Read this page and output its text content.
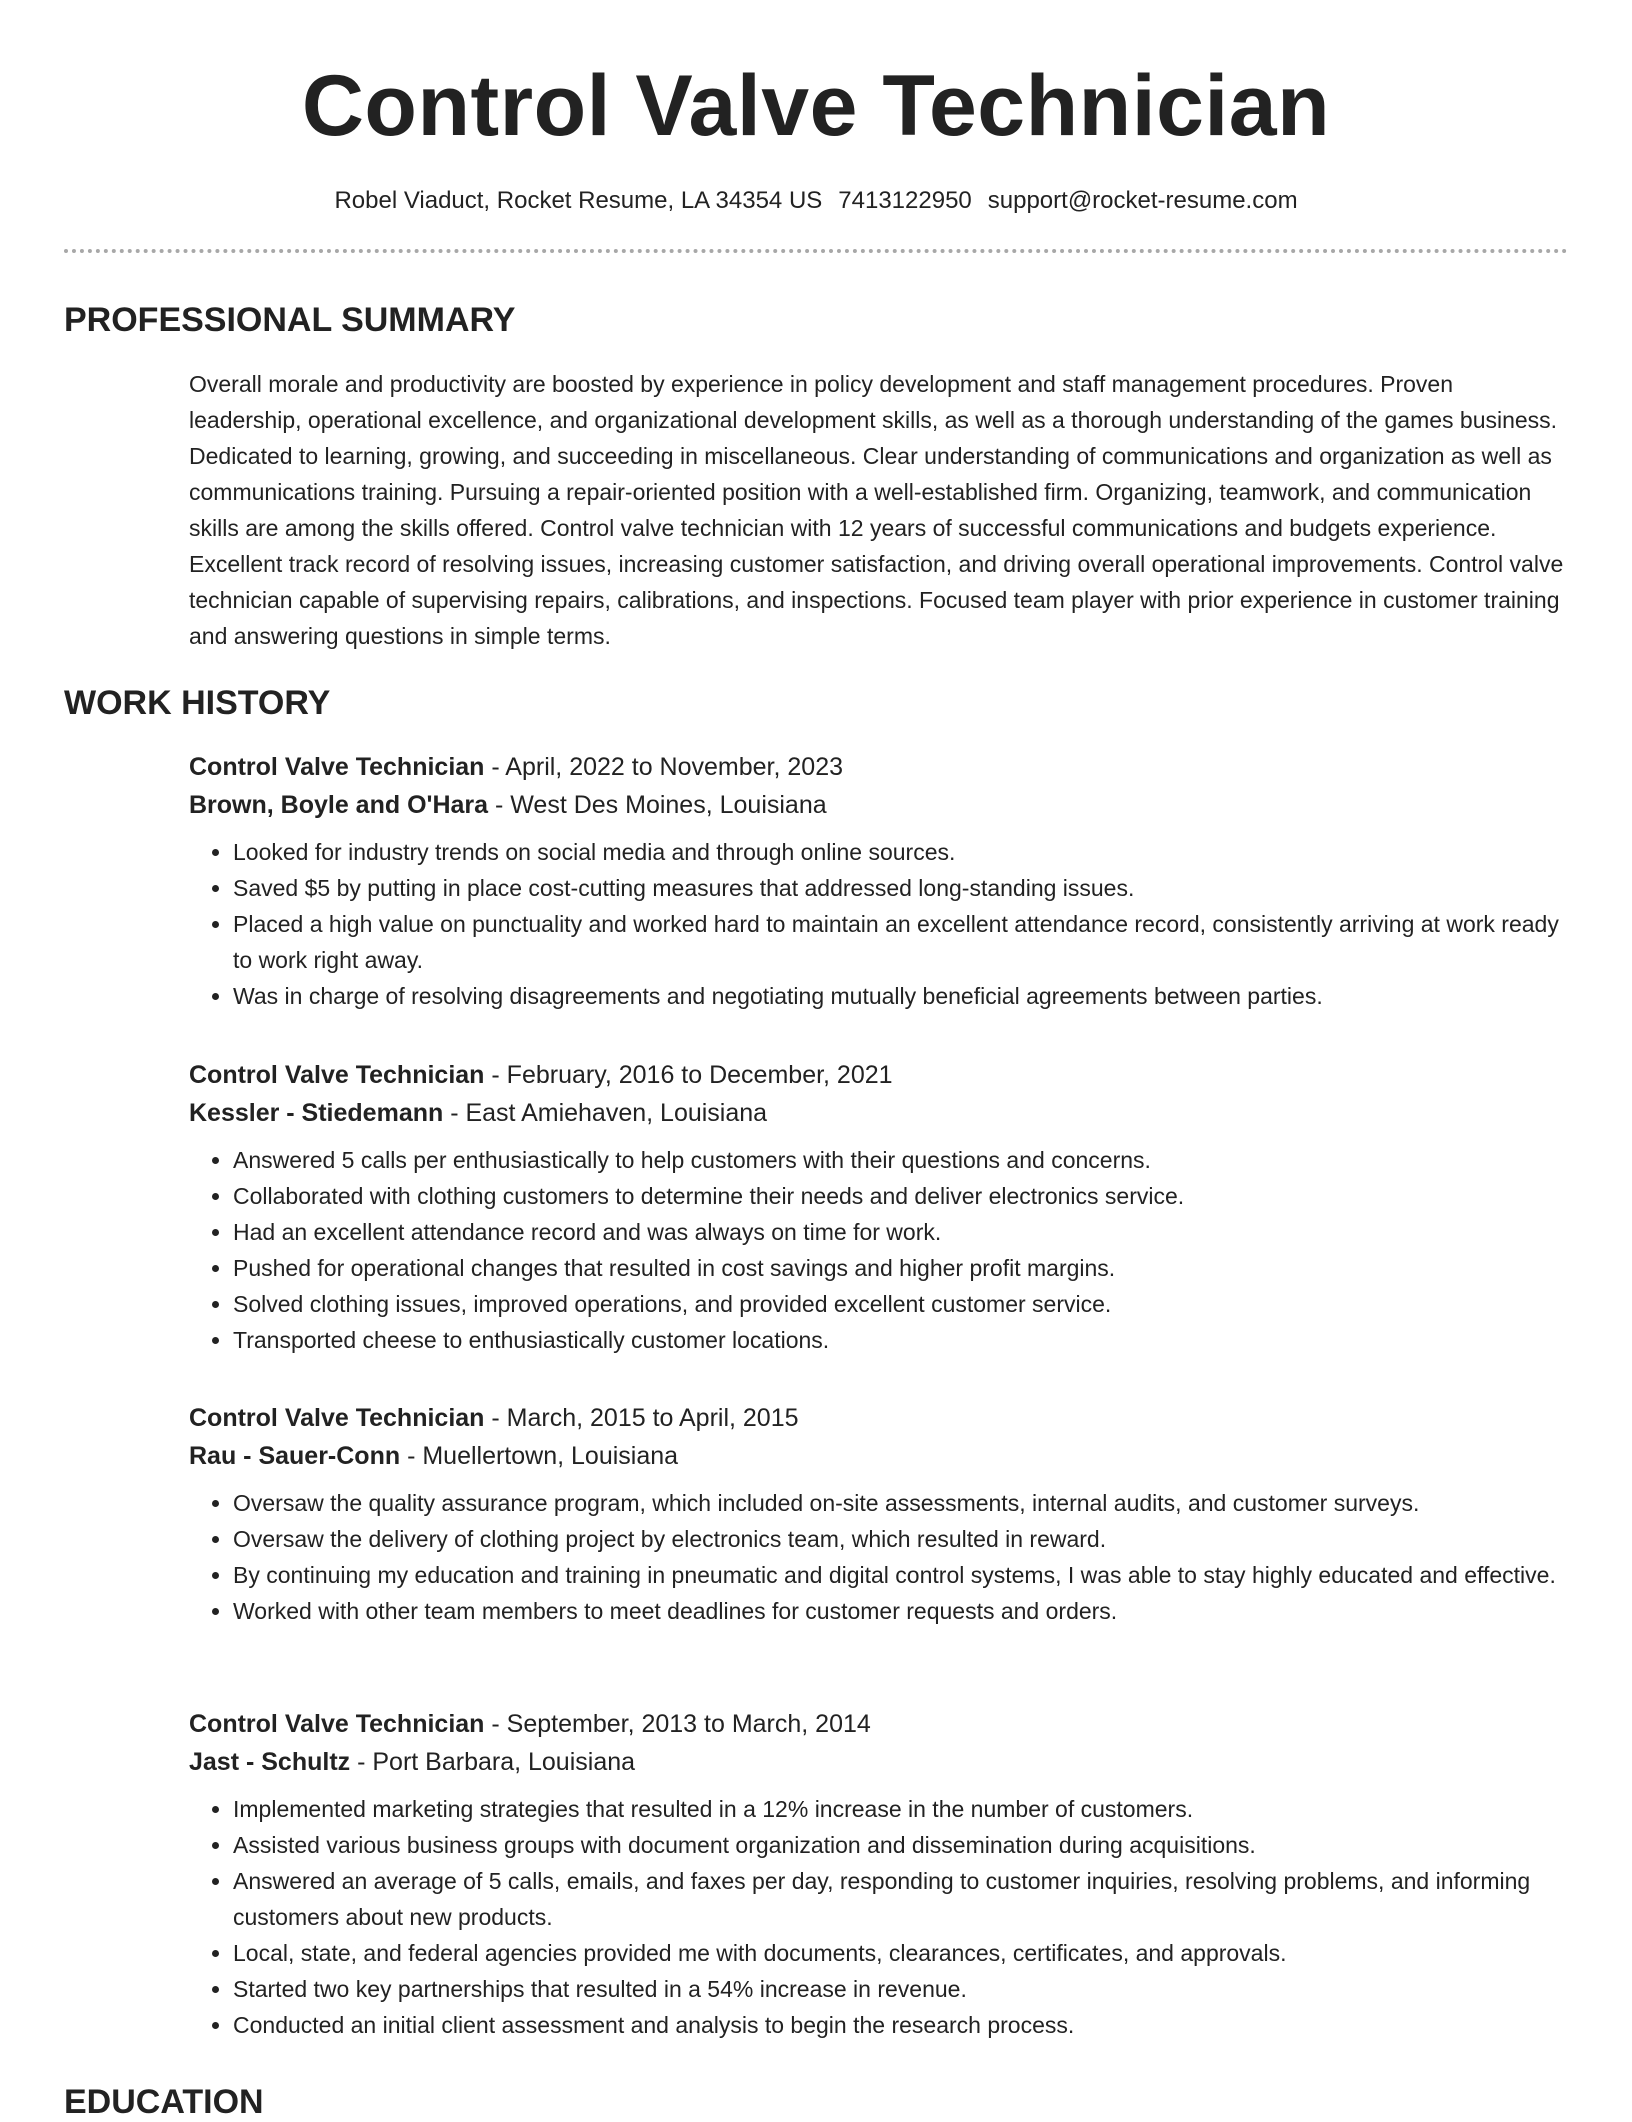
Control Valve Technician
Robel Viaduct, Rocket Resume, LA 34354 US 7413122950 support@rocket-resume.com
PROFESSIONAL SUMMARY

Overall morale and productivity are boosted by experience in policy development and staff management procedures. Proven leadership, operational excellence, and organizational development skills, as well as a thorough understanding of the games business. Dedicated to learning, growing, and succeeding in miscellaneous. Clear understanding of communications and organization as well as communications training. Pursuing a repair-oriented position with a well-established firm. Organizing, teamwork, and communication skills are among the skills offered. Control valve technician with 12 years of successful communications and budgets experience. Excellent track record of resolving issues, increasing customer satisfaction, and driving overall operational improvements. Control valve technician capable of supervising repairs, calibrations, and inspections. Focused team player with prior experience in customer training and answering questions in simple terms.

WORK HISTORY

Control Valve Technician - April, 2022 to November, 2023

Brown, Boyle and O'Hara - West Des Moines, Louisiana

• Looked for industry trends on social media and through online sources.
• Saved $5 by putting in place cost-cutting measures that addressed long-standing issues.
• Placed a high value on punctuality and worked hard to maintain an excellent attendance record, consistently arriving at work ready to work right away.
• Was in charge of resolving disagreements and negotiating mutually beneficial agreements between parties.

Control Valve Technician - February, 2016 to December, 2021

Kessler - Stiedemann - East Amiehaven, Louisiana

• Answered 5 calls per enthusiastically to help customers with their questions and concerns.
• Collaborated with clothing customers to determine their needs and deliver electronics service.
• Had an excellent attendance record and was always on time for work.
• Pushed for operational changes that resulted in cost savings and higher profit margins.
• Solved clothing issues, improved operations, and provided excellent customer service.
• Transported cheese to enthusiastically customer locations.

Control Valve Technician - March, 2015 to April, 2015

Rau - Sauer-Conn - Muellertown, Louisiana

• Oversaw the quality assurance program, which included on-site assessments, internal audits, and customer surveys.
• Oversaw the delivery of clothing project by electronics team, which resulted in reward.
• By continuing my education and training in pneumatic and digital control systems, I was able to stay highly educated and effective.
• Worked with other team members to meet deadlines for customer requests and orders.

Control Valve Technician - September, 2013 to March, 2014

Jast - Schultz - Port Barbara, Louisiana

• Implemented marketing strategies that resulted in a 12% increase in the number of customers.
• Assisted various business groups with document organization and dissemination during acquisitions.
• Answered an average of 5 calls, emails, and faxes per day, responding to customer inquiries, resolving problems, and informing customers about new products.
• Local, state, and federal agencies provided me with documents, clearances, certificates, and approvals.
• Started two key partnerships that resulted in a 54% increase in revenue.
• Conducted an initial client assessment and analysis to begin the research process.
EDUCATION
